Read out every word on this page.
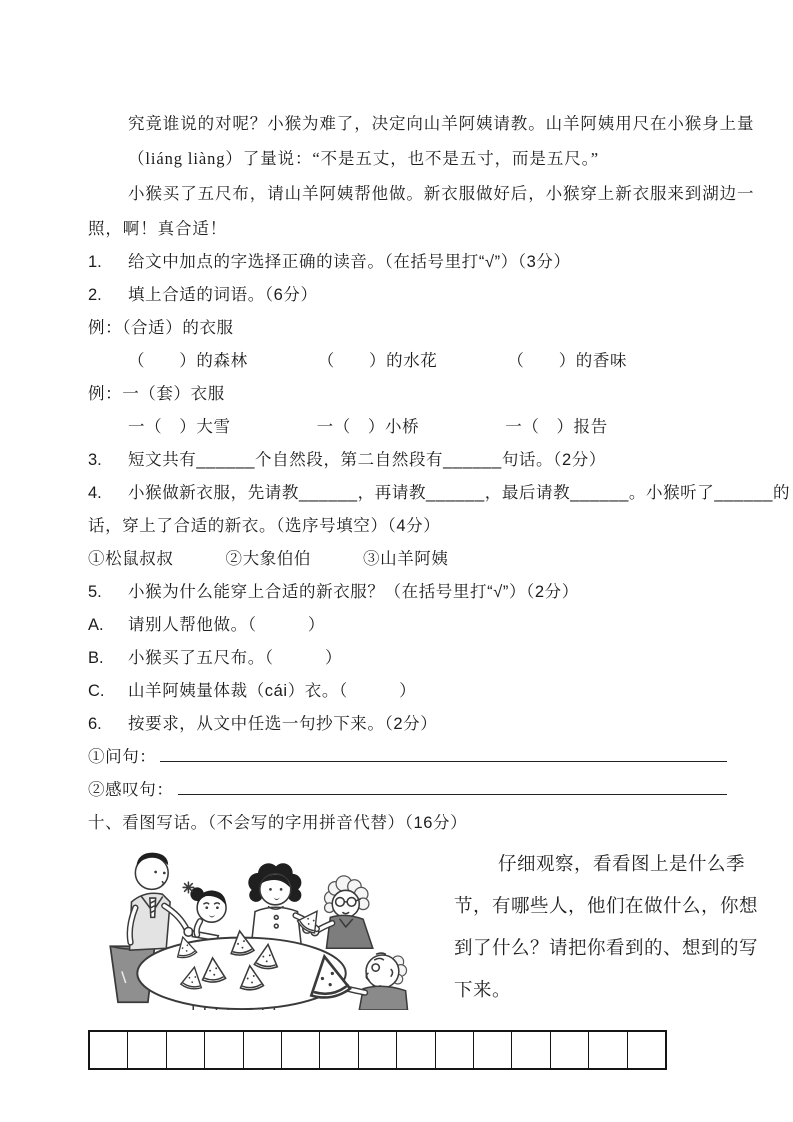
究竟谁说的对呢？小猴为难了，决定向山羊阿姨请教。山羊阿姨用尺在小猴身上量
（liáng liàng）了量说：“不是五丈，也不是五寸，而是五尺。”
小猴买了五尺布，请山羊阿姨帮他做。新衣服做好后，小猴穿上新衣服来到湖边一
照，啊！真合适！
1.	给文中加点的字选择正确的读音。（在括号里打“√”）（3分）
2.	填上合适的词语。（6分）
例：（合适）的衣服
（　　）的森林	（　　）的水花	（　　）的香味
例：一（套）衣服
一（　）大雪	一（　）小桥	一（　）报告
3.	短文共有______个自然段，第二自然段有______句话。（2分）
4.	小猴做新衣服，先请教______，再请教______，最后请教______。小猴听了______的
话，穿上了合适的新衣。（选序号填空）（4分）
①松鼠叔叔	②大象伯伯	③山羊阿姨
5.	小猴为什么能穿上合适的新衣服？（在括号里打“√”）（2分）
A.	请别人帮他做。（　　　）
B.	小猴买了五尺布。（　　　）
C.	山羊阿姨量体裁（cái）衣。（　　　）
6.	按要求，从文中任选一句抄下来。（2分）
①问句：
②感叹句：
十、看图写话。（不会写的字用拼音代替）（16分）
仔细观察，看看图上是什么季
节，有哪些人，他们在做什么，你想
到了什么？请把你看到的、想到的写
下来。
